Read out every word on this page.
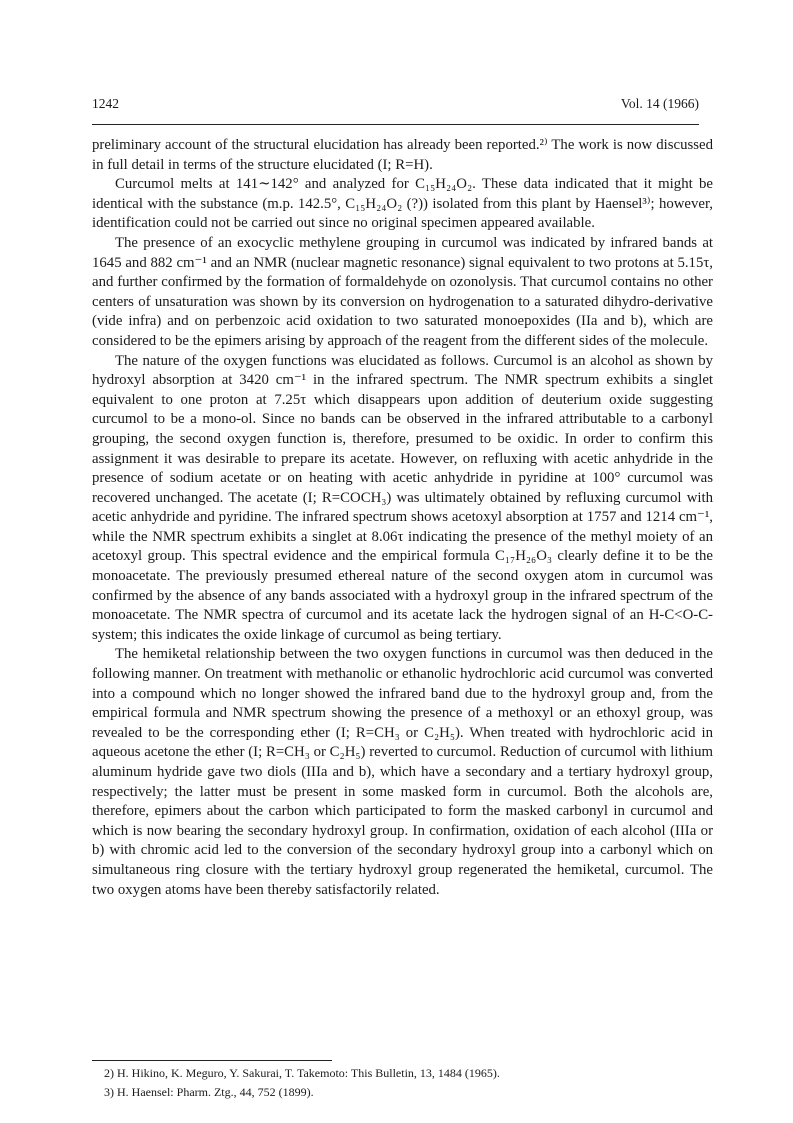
1242	Vol. 14 (1966)

preliminary account of the structural elucidation has already been reported.²⁾ The work is now discussed in full detail in terms of the structure elucidated (I; R=H).

Curcumol melts at 141∼142° and analyzed for C₁₅H₂₄O₂. These data indicated that it might be identical with the substance (m.p. 142.5°, C₁₅H₂₄O₂ (?)) isolated from this plant by Haensel³⁾; however, identification could not be carried out since no original specimen appeared available.

The presence of an exocyclic methylene grouping in curcumol was indicated by infrared bands at 1645 and 882 cm⁻¹ and an NMR (nuclear magnetic resonance) signal equivalent to two protons at 5.15τ, and further confirmed by the formation of formaldehyde on ozonolysis. That curcumol contains no other centers of unsaturation was shown by its conversion on hydrogenation to a saturated dihydro-derivative (vide infra) and on perbenzoic acid oxidation to two saturated monoepoxides (IIa and b), which are considered to be the epimers arising by approach of the reagent from the different sides of the molecule.

The nature of the oxygen functions was elucidated as follows. Curcumol is an alcohol as shown by hydroxyl absorption at 3420 cm⁻¹ in the infrared spectrum. The NMR spectrum exhibits a singlet equivalent to one proton at 7.25τ which disappears upon addition of deuterium oxide suggesting curcumol to be a mono-ol. Since no bands can be observed in the infrared attributable to a carbonyl grouping, the second oxygen function is, therefore, presumed to be oxidic. In order to confirm this assignment it was desirable to prepare its acetate. However, on refluxing with acetic anhydride in the presence of sodium acetate or on heating with acetic anhydride in pyridine at 100° curcumol was recovered unchanged. The acetate (I; R=COCH₃) was ultimately obtained by refluxing curcumol with acetic anhydride and pyridine. The infrared spectrum shows acetoxyl absorption at 1757 and 1214 cm⁻¹, while the NMR spectrum exhibits a singlet at 8.06τ indicating the presence of the methyl moiety of an acetoxyl group. This spectral evidence and the empirical formula C₁₇H₂₆O₃ clearly define it to be the monoacetate. The previously presumed ethereal nature of the second oxygen atom in curcumol was confirmed by the absence of any bands associated with a hydroxyl group in the infrared spectrum of the monoacetate. The NMR spectra of curcumol and its acetate lack the hydrogen signal of an H-C<O-C- system; this indicates the oxide linkage of curcumol as being tertiary.

The hemiketal relationship between the two oxygen functions in curcumol was then deduced in the following manner. On treatment with methanolic or ethanolic hydrochloric acid curcumol was converted into a compound which no longer showed the infrared band due to the hydroxyl group and, from the empirical formula and NMR spectrum showing the presence of a methoxyl or an ethoxyl group, was revealed to be the corresponding ether (I; R=CH₃ or C₂H₅). When treated with hydrochloric acid in aqueous acetone the ether (I; R=CH₃ or C₂H₅) reverted to curcumol. Reduction of curcumol with lithium aluminum hydride gave two diols (IIIa and b), which have a secondary and a tertiary hydroxyl group, respectively; the latter must be present in some masked form in curcumol. Both the alcohols are, therefore, epimers about the carbon which participated to form the masked carbonyl in curcumol and which is now bearing the secondary hydroxyl group. In confirmation, oxidation of each alcohol (IIIa or b) with chromic acid led to the conversion of the secondary hydroxyl group into a carbonyl which on simultaneous ring closure with the tertiary hydroxyl group regenerated the hemiketal, curcumol. The two oxygen atoms have been thereby satisfactorily related.

2) H. Hikino, K. Meguro, Y. Sakurai, T. Takemoto: This Bulletin, 13, 1484 (1965).
3) H. Haensel: Pharm. Ztg., 44, 752 (1899).
